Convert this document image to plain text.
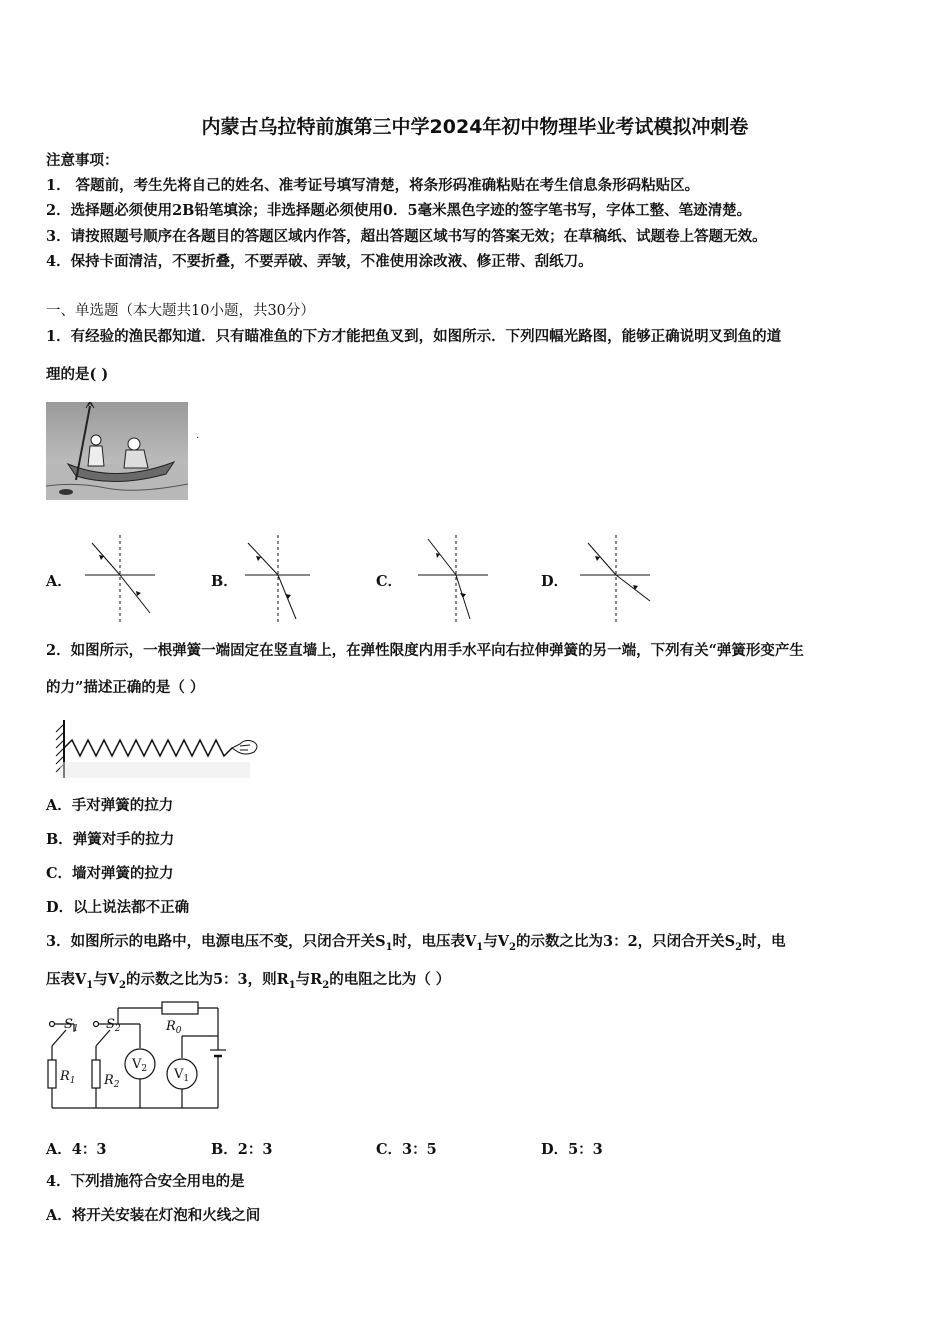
内蒙古乌拉特前旗第三中学2024年初中物理毕业考试模拟冲刺卷
注意事项：
1． 答题前，考生先将自己的姓名、准考证号填写清楚，将条形码准确粘贴在考生信息条形码粘贴区。
2．选择题必须使用2B铅笔填涂；非选择题必须使用0．5毫米黑色字迹的签字笔书写，字体工整、笔迹清楚。
3．请按照题号顺序在各题目的答题区域内作答，超出答题区域书写的答案无效；在草稿纸、试题卷上答题无效。
4．保持卡面清洁，不要折叠，不要弄破、弄皱，不准使用涂改液、修正带、刮纸刀。
一、单选题（本大题共10小题，共30分）
1．有经验的渔民都知道．只有瞄准鱼的下方才能把鱼叉到，如图所示．下列四幅光路图，能够正确说明叉到鱼的道
理的是( )
.
A．	B．	C．	D．
2．如图所示，一根弹簧一端固定在竖直墙上，在弹性限度内用手水平向右拉伸弹簧的另一端，下列有关“弹簧形变产生
的力”描述正确的是（ ）
A．手对弹簧的拉力
B．弹簧对手的拉力
C．墙对弹簧的拉力
D．以上说法都不正确
3．如图所示的电路中，电源电压不变，只闭合开关$S_1$时，电压表$V_1$与$V_2$的示数之比为3：2，只闭合开关$S_2$时，电
压表$V_1$与$V_2$的示数之比为5：3，则$R_1$与$R_2$的电阻之比为（ ）
$S_1$ $S_2$	$R_0$
$R_1$ $R_2$
$V_2$ $V_1$
A．4：3	B．2：3	C．3：5	D．5：3
4．下列措施符合安全用电的是
A．将开关安装在灯泡和火线之间
